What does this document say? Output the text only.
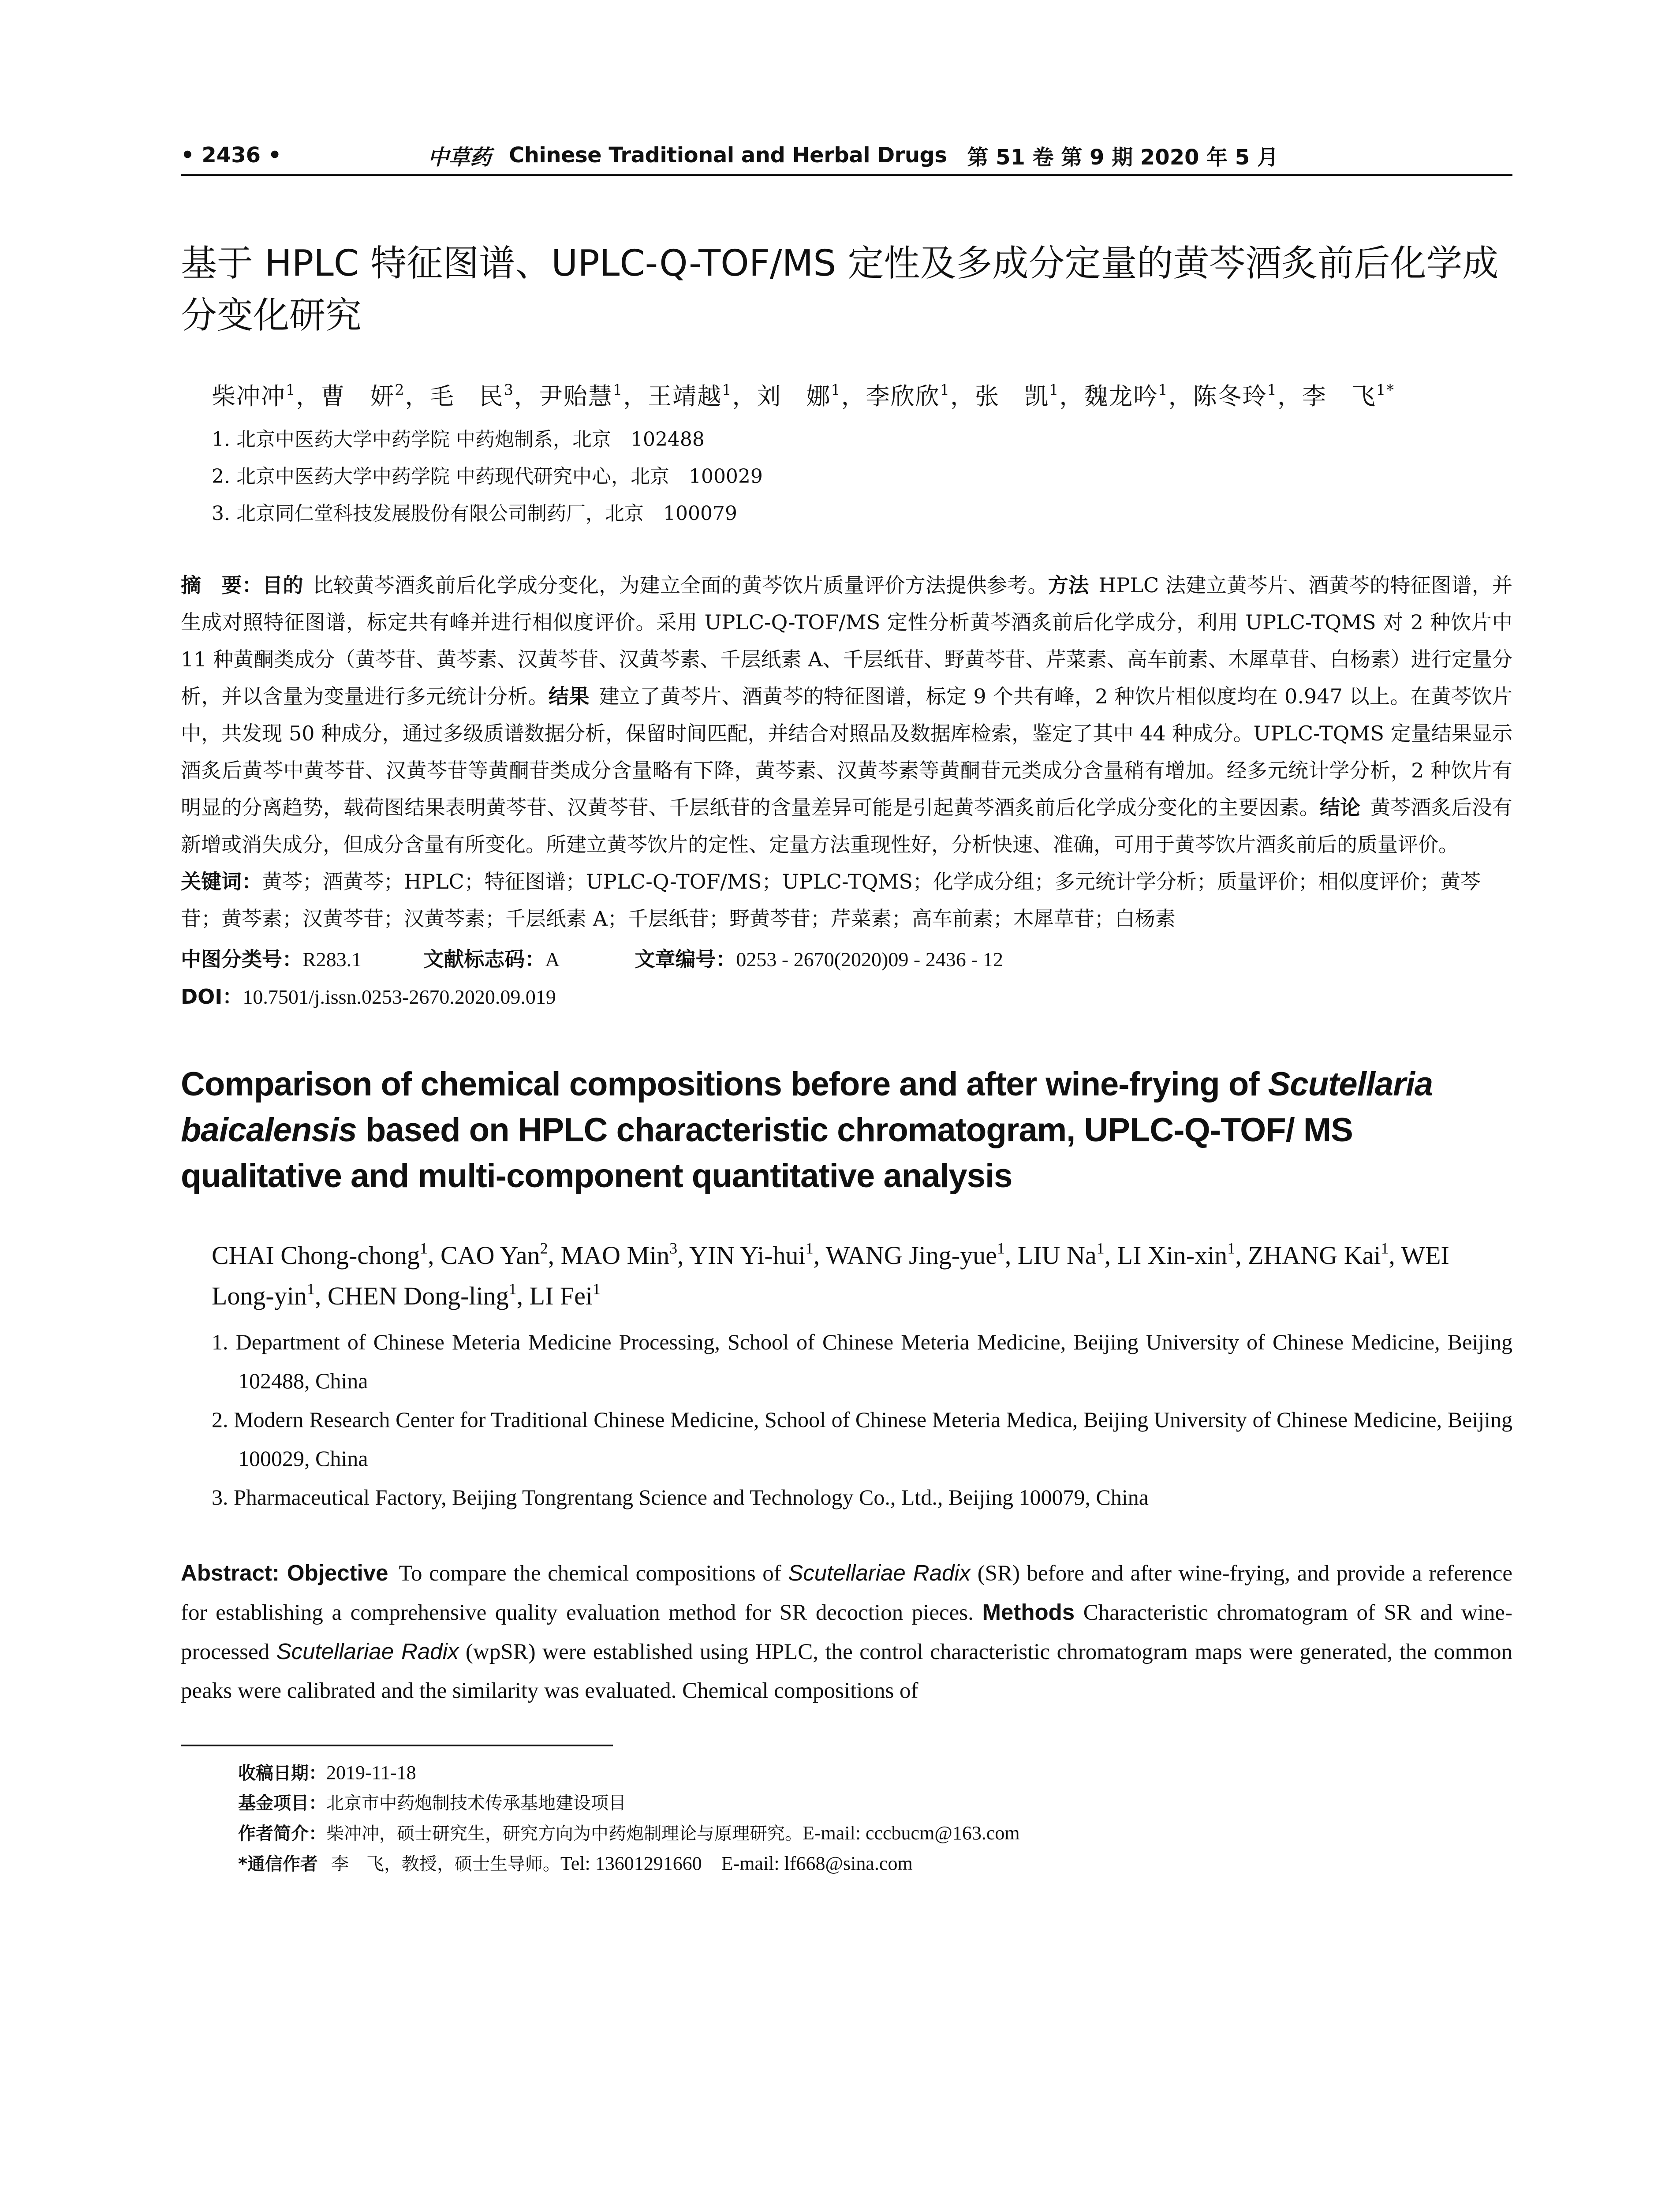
• 2436 •	中草药 Chinese Traditional and Herbal Drugs 第 51 卷 第 9 期 2020 年 5 月
基于 HPLC 特征图谱、UPLC-Q-TOF/MS 定性及多成分定量的黄芩酒炙前后化学成分变化研究
柴冲冲$^1$，曹　妍$^2$，毛　民$^3$，尹贻慧$^1$，王靖越$^1$，刘　娜$^1$，李欣欣$^1$，张　凯$^1$，魏龙吟$^1$，陈冬玲$^1$，李　飞$^{1*}$
1. 北京中医药大学中药学院 中药炮制系，北京　102488
2. 北京中医药大学中药学院 中药现代研究中心，北京　100029
3. 北京同仁堂科技发展股份有限公司制药厂，北京　100079
摘　要：目的 比较黄芩酒炙前后化学成分变化，为建立全面的黄芩饮片质量评价方法提供参考。方法 HPLC 法建立黄芩片、酒黄芩的特征图谱，并生成对照特征图谱，标定共有峰并进行相似度评价。采用 UPLC-Q-TOF/MS 定性分析黄芩酒炙前后化学成分，利用 UPLC-TQMS 对 2 种饮片中 11 种黄酮类成分（黄芩苷、黄芩素、汉黄芩苷、汉黄芩素、千层纸素 A、千层纸苷、野黄芩苷、芹菜素、高车前素、木犀草苷、白杨素）进行定量分析，并以含量为变量进行多元统计分析。结果 建立了黄芩片、酒黄芩的特征图谱，标定 9 个共有峰，2 种饮片相似度均在 0.947 以上。在黄芩饮片中，共发现 50 种成分，通过多级质谱数据分析，保留时间匹配，并结合对照品及数据库检索，鉴定了其中 44 种成分。UPLC-TQMS 定量结果显示酒炙后黄芩中黄芩苷、汉黄芩苷等黄酮苷类成分含量略有下降，黄芩素、汉黄芩素等黄酮苷元类成分含量稍有增加。经多元统计学分析，2 种饮片有明显的分离趋势，载荷图结果表明黄芩苷、汉黄芩苷、千层纸苷的含量差异可能是引起黄芩酒炙前后化学成分变化的主要因素。结论 黄芩酒炙后没有新增或消失成分，但成分含量有所变化。所建立黄芩饮片的定性、定量方法重现性好，分析快速、准确，可用于黄芩饮片酒炙前后的质量评价。
关键词：黄芩；酒黄芩；HPLC；特征图谱；UPLC-Q-TOF/MS；UPLC-TQMS；化学成分组；多元统计学分析；质量评价；相似度评价；黄芩苷；黄芩素；汉黄芩苷；汉黄芩素；千层纸素 A；千层纸苷；野黄芩苷；芹菜素；高车前素；木犀草苷；白杨素
中图分类号：R283.1	文献标志码：A	文章编号：0253 - 2670(2020)09 - 2436 - 12
DOI：10.7501/j.issn.0253-2670.2020.09.019
Comparison of chemical compositions before and after wine-frying of Scutellaria baicalensis based on HPLC characteristic chromatogram, UPLC-Q-TOF/ MS qualitative and multi-component quantitative analysis
CHAI Chong-chong$^1$, CAO Yan$^2$, MAO Min$^3$, YIN Yi-hui$^1$, WANG Jing-yue$^1$, LIU Na$^1$, LI Xin-xin$^1$, ZHANG Kai$^1$, WEI Long-yin$^1$, CHEN Dong-ling$^1$, LI Fei$^1$
1. Department of Chinese Meteria Medicine Processing, School of Chinese Meteria Medicine, Beijing University of Chinese Medicine, Beijing 102488, China
2. Modern Research Center for Traditional Chinese Medicine, School of Chinese Meteria Medica, Beijing University of Chinese Medicine, Beijing 100029, China
3. Pharmaceutical Factory, Beijing Tongrentang Science and Technology Co., Ltd., Beijing 100079, China
Abstract: Objective To compare the chemical compositions of Scutellariae Radix (SR) before and after wine-frying, and provide a reference for establishing a comprehensive quality evaluation method for SR decoction pieces. Methods Characteristic chromatogram of SR and wine-processed Scutellariae Radix (wpSR) were established using HPLC, the control characteristic chromatogram maps were generated, the common peaks were calibrated and the similarity was evaluated. Chemical compositions of
收稿日期：2019-11-18
基金项目：北京市中药炮制技术传承基地建设项目
作者简介：柴冲冲，硕士研究生，研究方向为中药炮制理论与原理研究。E-mail: cccbucm@163.com
*通信作者 李　飞，教授，硕士生导师。Tel: 13601291660　E-mail: lf668@sina.com
